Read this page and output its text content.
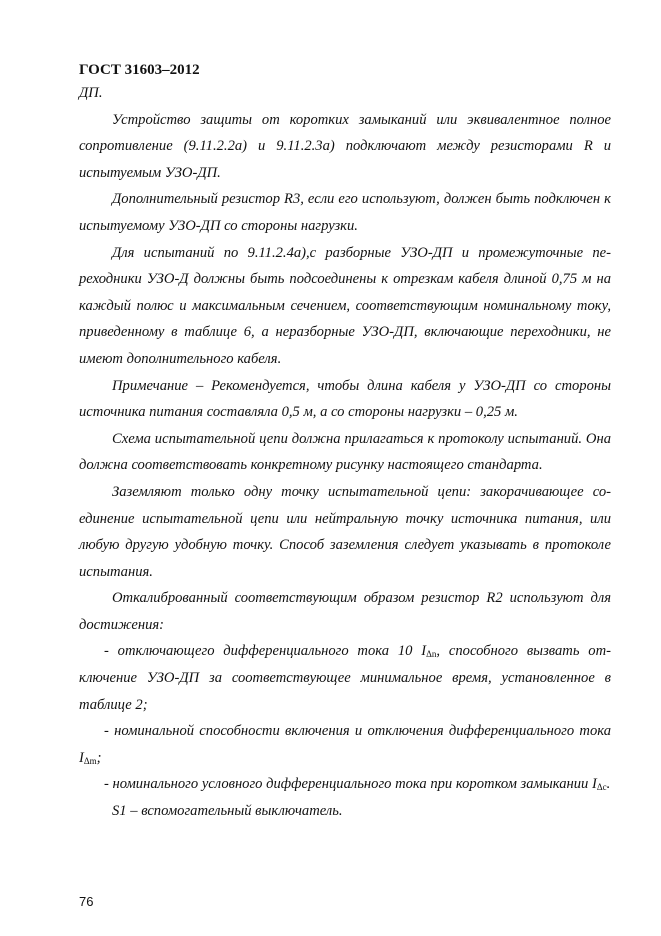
ГОСТ 31603–2012

ДП.

Устройство защиты от коротких замыканий или эквивалентное полное сопротивление (9.11.2.2а) и 9.11.2.3а) подключают между резисторами R и испытуемым УЗО-ДП.

Дополнительный резистор R3, если его используют, должен быть подключен к испытуемому УЗО-ДП со стороны нагрузки.

Для испытаний по 9.11.2.4а),с разборные УЗО-ДП и промежуточные переходники УЗО-Д должны быть подсоединены к отрезкам кабеля длиной 0,75 м на каждый полюс и максимальным сечением, соответствующим номинальному току, приведенному в таблице 6, а неразборные УЗО-ДП, включающие переходники, не имеют дополнительного кабеля.

Примечание – Рекомендуется, чтобы длина кабеля у УЗО-ДП со стороны источника питания составляла 0,5 м, а со стороны нагрузки – 0,25 м.

Схема испытательной цепи должна прилагаться к протоколу испытаний. Она должна соответствовать конкретному рисунку настоящего стандарта.

Заземляют только одну точку испытательной цепи: закорачивающее соединение испытательной цепи или нейтральную точку источника питания, или любую другую удобную точку. Способ заземления следует указывать в протоколе испытания.

Откалиброванный соответствующим образом резистор R2 используют для достижения:

- отключающего дифференциального тока 10 $I_{\Delta n}$, способного вызвать отключение УЗО-ДП за соответствующее минимальное время, установленное в таблице 2;

- номинальной способности включения и отключения дифференциального тока $I_{\Delta m}$;

- номинального условного дифференциального тока при коротком замыкании $I_{\Delta c}$.

S1 – вспомогательный выключатель.

76
